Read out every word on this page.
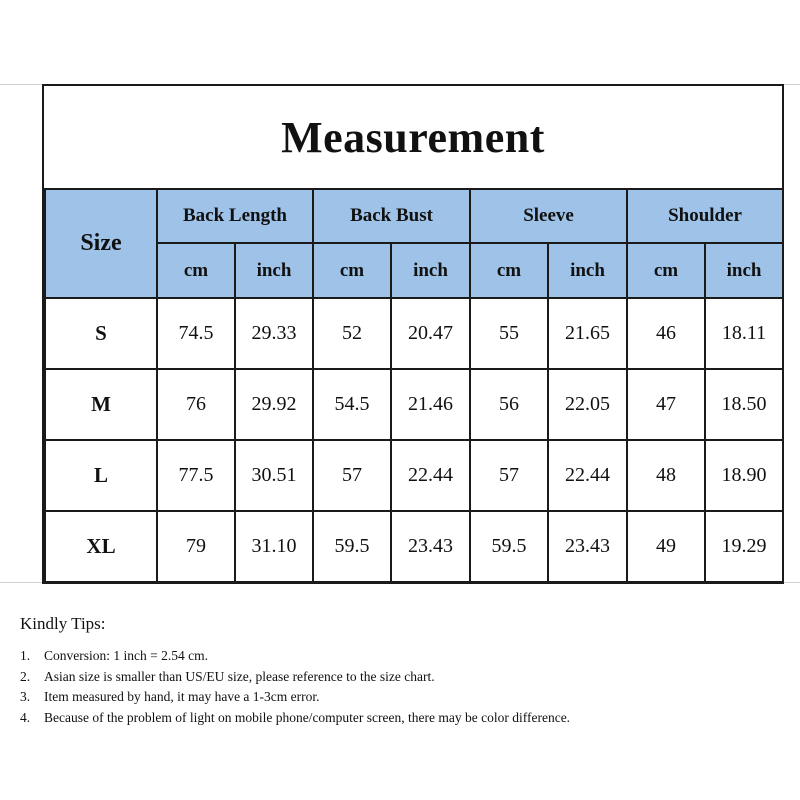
Measurement
Size	Back Length		Back Bust		Sleeve		Shoulder	
	cm	inch	cm	inch	cm	inch	cm	inch
S	74.5	29.33	52	20.47	55	21.65	46	18.11
M	76	29.92	54.5	21.46	56	22.05	47	18.50
L	77.5	30.51	57	22.44	57	22.44	48	18.90
XL	79	31.10	59.5	23.43	59.5	23.43	49	19.29

Kindly Tips:

1.	Conversion: 1 inch = 2.54 cm.
2.	Asian size is smaller than US/EU size, please reference to the size chart.
3.	Item measured by hand, it may have a 1-3cm error.
4.	Because of the problem of light on mobile phone/computer screen, there may be color difference.
